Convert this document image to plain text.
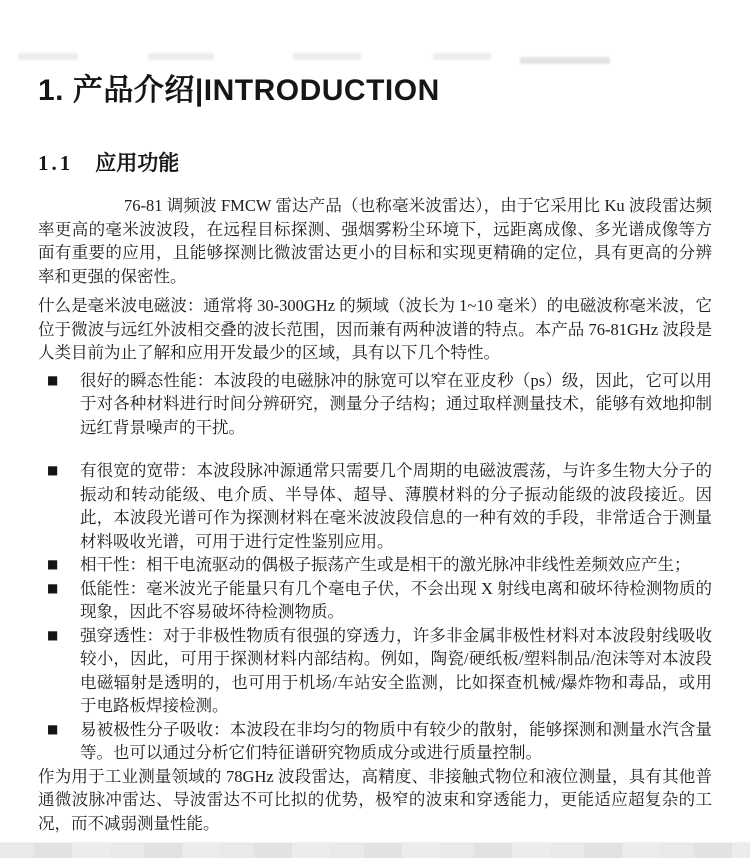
1. 产品介绍|INTRODUCTION
1.1 应用功能

76-81 调频波 FMCW 雷达产品（也称毫米波雷达），由于它采用比 Ku 波段雷达频率更高的毫米波波段，在远程目标探测、强烟雾粉尘环境下，远距离成像、多光谱成像等方面有重要的应用，且能够探测比微波雷达更小的目标和实现更精确的定位，具有更高的分辨率和更强的保密性。

什么是毫米波电磁波：通常将 30-300GHz 的频域（波长为 1~10 毫米）的电磁波称毫米波，它位于微波与远红外波相交叠的波长范围，因而兼有两种波谱的特点。本产品 76-81GHz 波段是人类目前为止了解和应用开发最少的区域，具有以下几个特性。

■	很好的瞬态性能：本波段的电磁脉冲的脉宽可以窄在亚皮秒（ps）级，因此，它可以用于对各种材料进行时间分辨研究，测量分子结构；通过取样测量技术，能够有效地抑制远红背景噪声的干扰。
■	有很宽的宽带：本波段脉冲源通常只需要几个周期的电磁波震荡，与许多生物大分子的振动和转动能级、电介质、半导体、超导、薄膜材料的分子振动能级的波段接近。因此，本波段光谱可作为探测材料在毫米波波段信息的一种有效的手段，非常适合于测量材料吸收光谱，可用于进行定性鉴别应用。
■	相干性：相干电流驱动的偶极子振荡产生或是相干的激光脉冲非线性差频效应产生；
■	低能性：毫米波光子能量只有几个毫电子伏，不会出现 X 射线电离和破坏待检测物质的现象，因此不容易破坏待检测物质。
■	强穿透性：对于非极性物质有很强的穿透力，许多非金属非极性材料对本波段射线吸收较小，因此，可用于探测材料内部结构。例如，陶瓷/硬纸板/塑料制品/泡沫等对本波段电磁辐射是透明的，也可用于机场/车站安全监测，比如探查机械/爆炸物和毒品，或用于电路板焊接检测。
■	易被极性分子吸收：本波段在非均匀的物质中有较少的散射，能够探测和测量水汽含量等。也可以通过分析它们特征谱研究物质成分或进行质量控制。

作为用于工业测量领域的 78GHz 波段雷达，高精度、非接触式物位和液位测量，具有其他普通微波脉冲雷达、导波雷达不可比拟的优势，极窄的波束和穿透能力，更能适应超复杂的工况，而不减弱测量性能。
